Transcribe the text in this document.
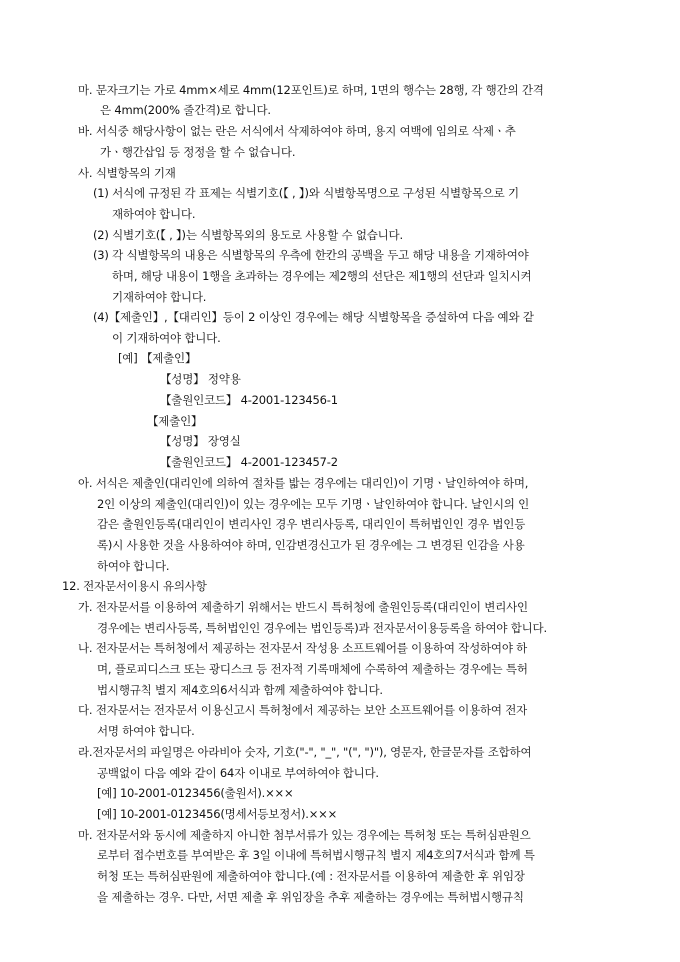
마. 문자크기는 가로 4mm×세로 4mm(12포인트)로 하며, 1면의 행수는 28행, 각 행간의 간격
은 4mm(200% 줄간격)로 합니다.
바. 서식중 해당사항이 없는 란은 서식에서 삭제하여야 하며, 용지 여백에 임의로 삭제ㆍ추
가ㆍ행간삽입 등 정정을 할 수 없습니다.
사. 식별항목의 기재
(1) 서식에 규정된 각 표제는 식별기호(【 , 】)와 식별항목명으로 구성된 식별항목으로 기
재하여야 합니다.
(2) 식별기호(【 , 】)는 식별항목외의 용도로 사용할 수 없습니다.
(3) 각 식별항목의 내용은 식별항목의 우측에 한칸의 공백을 두고 해당 내용을 기재하여야
하며, 해당 내용이 1행을 초과하는 경우에는 제2행의 선단은 제1행의 선단과 일치시켜
기재하여야 합니다.
(4)【제출인】,【대리인】등이 2 이상인 경우에는 해당 식별항목을 증설하여 다음 예와 같
이 기재하여야 합니다.
[예] 【제출인】
【성명】 정약용
【출원인코드】 4-2001-123456-1
【제출인】
【성명】 장영실
【출원인코드】 4-2001-123457-2
아. 서식은 제출인(대리인에 의하여 절차를 밟는 경우에는 대리인)이 기명ㆍ날인하여야 하며,
2인 이상의 제출인(대리인)이 있는 경우에는 모두 기명ㆍ날인하여야 합니다. 날인시의 인
감은 출원인등록(대리인이 변리사인 경우 변리사등록, 대리인이 특허법인인 경우 법인등
록)시 사용한 것을 사용하여야 하며, 인감변경신고가 된 경우에는 그 변경된 인감을 사용
하여야 합니다.
12. 전자문서이용시 유의사항
가. 전자문서를 이용하여 제출하기 위해서는 반드시 특허청에 출원인등록(대리인이 변리사인
경우에는 변리사등록, 특허법인인 경우에는 법인등록)과 전자문서이용등록을 하여야 합니다.
나. 전자문서는 특허청에서 제공하는 전자문서 작성용 소프트웨어를 이용하여 작성하여야 하
며, 플로피디스크 또는 광디스크 등 전자적 기록매체에 수록하여 제출하는 경우에는 특허
법시행규칙 별지 제4호의6서식과 함께 제출하여야 합니다.
다. 전자문서는 전자문서 이용신고시 특허청에서 제공하는 보안 소프트웨어를 이용하여 전자
서명 하여야 합니다.
라.전자문서의 파일명은 아라비아 숫자, 기호("-", "_", "(", ")"), 영문자, 한글문자를 조합하여
공백없이 다음 예와 같이 64자 이내로 부여하여야 합니다.
[예] 10-2001-0123456(출원서).×××
[예] 10-2001-0123456(명세서등보정서).×××
마. 전자문서와 동시에 제출하지 아니한 첨부서류가 있는 경우에는 특허청 또는 특허심판원으
로부터 접수번호를 부여받은 후 3일 이내에 특허법시행규칙 별지 제4호의7서식과 함께 특
허청 또는 특허심판원에 제출하여야 합니다.(예 : 전자문서를 이용하여 제출한 후 위임장
을 제출하는 경우. 다만, 서면 제출 후 위임장을 추후 제출하는 경우에는 특허법시행규칙
